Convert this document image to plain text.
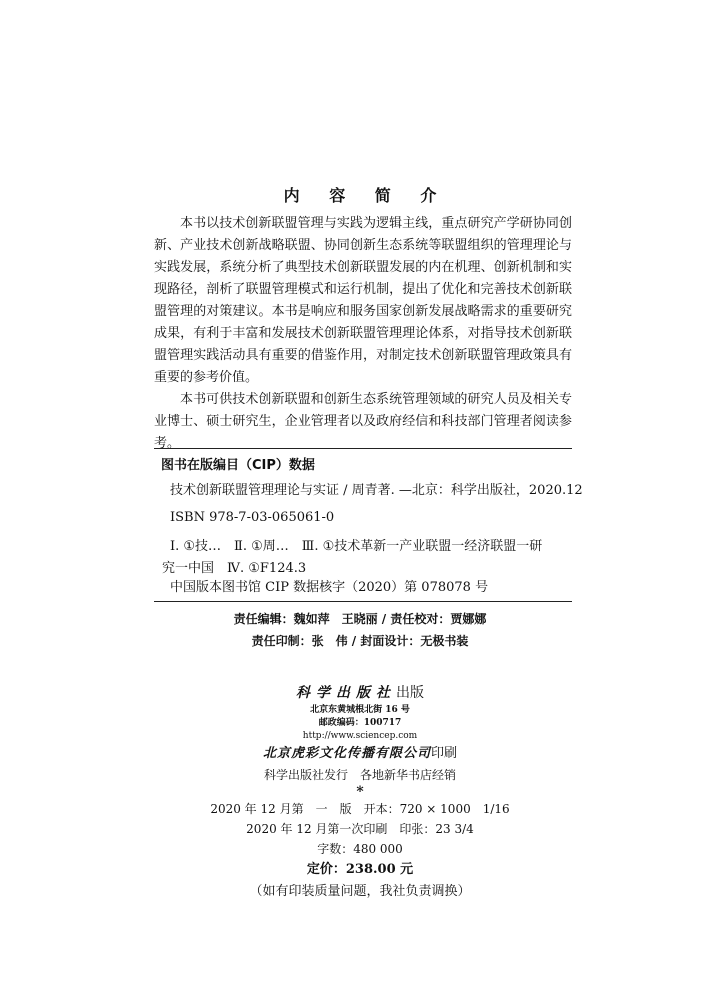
内 容 简 介

本书以技术创新联盟管理与实践为逻辑主线，重点研究产学研协同创新、产业技术创新战略联盟、协同创新生态系统等联盟组织的管理理论与实践发展，系统分析了典型技术创新联盟发展的内在机理、创新机制和实现路径，剖析了联盟管理模式和运行机制，提出了优化和完善技术创新联盟管理的对策建议。本书是响应和服务国家创新发展战略需求的重要研究成果，有利于丰富和发展技术创新联盟管理理论体系，对指导技术创新联盟管理实践活动具有重要的借鉴作用，对制定技术创新联盟管理政策具有重要的参考价值。

本书可供技术创新联盟和创新生态系统管理领域的研究人员及相关专业博士、硕士研究生，企业管理者以及政府经信和科技部门管理者阅读参考。

图书在版编目（CIP）数据
技术创新联盟管理理论与实证 / 周青著. —北京：科学出版社，2020.12
ISBN 978-7-03-065061-0
Ⅰ. ①技…　Ⅱ. ①周…　Ⅲ. ①技术革新一产业联盟一经济联盟一研
究一中国　Ⅳ. ①F124.3
中国版本图书馆 CIP 数据核字（2020）第 078078 号
责任编辑：魏如萍　王晓丽 / 责任校对：贾娜娜
责任印制：张　伟 / 封面设计：无极书装
科学出版社出版
北京东黄城根北街 16 号
邮政编码：100717
http://www.sciencep.com
北京虎彩文化传播有限公司印刷
科学出版社发行　各地新华书店经销
*
2020 年 12 月第　一　版　开本：720 × 1000　1/16
2020 年 12 月第一次印刷　印张：23 3/4
字数：480 000
定价：238.00 元
（如有印装质量问题，我社负责调换）
